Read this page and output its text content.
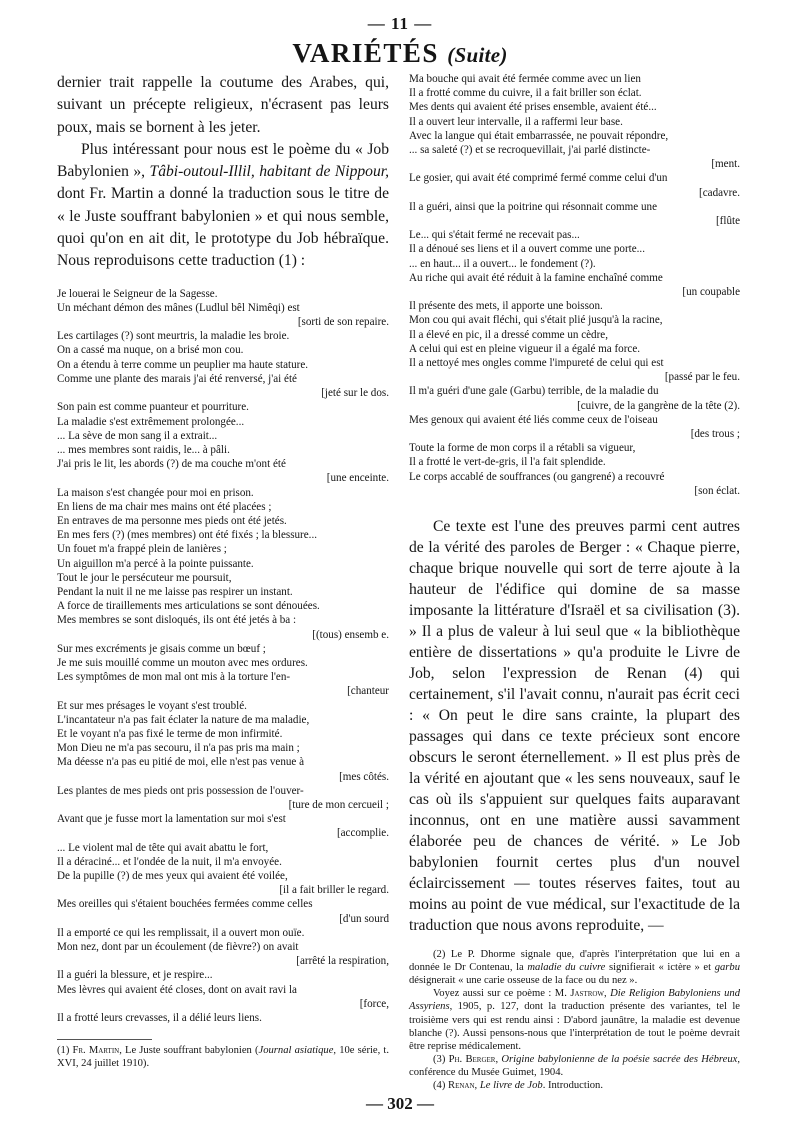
— 11 —
VARIÉTÉS (Suite)

dernier trait rappelle la coutume des Arabes, qui, suivant un précepte religieux, n'écrasent pas leurs poux, mais se bornent à les jeter.

Plus intéressant pour nous est le poème du « Job Babylonien », Tâbi-outoul-Illil, habitant de Nippour, dont Fr. Martin a donné la traduction sous le titre de « le Juste souffrant babylonien » et qui nous semble, quoi qu'on en ait dit, le prototype du Job hébraïque. Nous reproduisons cette traduction (1) :

Je louerai le Seigneur de la Sagesse.
Un méchant démon des mânes (Ludlul bêl Nimêqi) est
[sorti de son repaire.
Les cartilages (?) sont meurtris, la maladie les broie.
On a cassé ma nuque, on a brisé mon cou.
On a étendu à terre comme un peuplier ma haute stature.
Comme une plante des marais j'ai été renversé, j'ai été
[jeté sur le dos.
Son pain est comme puanteur et pourriture.
La maladie s'est extrêmement prolongée...
... La sève de mon sang il a extrait...
... mes membres sont raidis, le... à pâli.
J'ai pris le lit, les abords (?) de ma couche m'ont été
[une enceinte.
La maison s'est changée pour moi en prison.
En liens de ma chair mes mains ont été placées ;
En entraves de ma personne mes pieds ont été jetés.
En mes fers (?) (mes membres) ont été fixés ; la blessure...
Un fouet m'a frappé plein de lanières ;
Un aiguillon m'a percé à la pointe puissante.
Tout le jour le persécuteur me poursuit,
Pendant la nuit il ne me laisse pas respirer un instant.
A force de tiraillements mes articulations se sont dénouées.
Mes membres se sont disloqués, ils ont été jetés à ba :
[(tous) ensemb e.
Sur mes excréments je gisais comme un bœuf ;
Je me suis mouillé comme un mouton avec mes ordures.
Les symptômes de mon mal ont mis à la torture l'en-
[chanteur
Et sur mes présages le voyant s'est troublé.
L'incantateur n'a pas fait éclater la nature de ma maladie,
Et le voyant n'a pas fixé le terme de mon infirmité.
Mon Dieu ne m'a pas secouru, il n'a pas pris ma main ;
Ma déesse n'a pas eu pitié de moi, elle n'est pas venue à
[mes côtés.
Les plantes de mes pieds ont pris possession de l'ouver-
[ture de mon cercueil ;
Avant que je fusse mort la lamentation sur moi s'est
[accomplie.
... Le violent mal de tête qui avait abattu le fort,
Il a déraciné... et l'ondée de la nuit, il m'a envoyée.
De la pupille (?) de mes yeux qui avaient été voilée,
[il a fait briller le regard.
Mes oreilles qui s'étaient bouchées fermées comme celles
[d'un sourd
Il a emporté ce qui les remplissait, il a ouvert mon ouïe.
Mon nez, dont par un écoulement (de fièvre?) on avait
[arrêté la respiration,
Il a guéri la blessure, et je respire...
Mes lèvres qui avaient été closes, dont on avait ravi la
[force,
Il a frotté leurs crevasses, il a délié leurs liens.

(1) Fr. Martin, Le Juste souffrant babylonien (Journal asiatique, 10e série, t. XVI, 24 juillet 1910).

Ma bouche qui avait été fermée comme avec un lien
Il a frotté comme du cuivre, il a fait briller son éclat.
Mes dents qui avaient été prises ensemble, avaient été...
Il a ouvert leur intervalle, il a raffermi leur base.
Avec la langue qui était embarrassée, ne pouvait répondre,
... sa saleté (?) et se recroquevillait, j'ai parlé distincte-
[ment.
Le gosier, qui avait été comprimé fermé comme celui d'un
[cadavre.
Il a guéri, ainsi que la poitrine qui résonnait comme une
[flûte
Le... qui s'était fermé ne recevait pas...
Il a dénoué ses liens et il a ouvert comme une porte...
... en haut... il a ouvert... le fondement (?).
Au riche qui avait été réduit à la famine enchaîné comme
[un coupable
Il présente des mets, il apporte une boisson.
Mon cou qui avait fléchi, qui s'était plié jusqu'à la racine,
Il a élevé en pic, il a dressé comme un cèdre,
A celui qui est en pleine vigueur il a égalé ma force.
Il a nettoyé mes ongles comme l'impureté de celui qui est
[passé par le feu.
Il m'a guéri d'une gale (Garbu) terrible, de la maladie du
[cuivre, de la gangrène de la tête (2).
Mes genoux qui avaient été liés comme ceux de l'oiseau
[des trous ;
Toute la forme de mon corps il a rétabli sa vigueur,
Il a frotté le vert-de-gris, il l'a fait splendide.
Le corps accablé de souffrances (ou gangrené) a recouvré
[son éclat.

Ce texte est l'une des preuves parmi cent autres de la vérité des paroles de Berger : « Chaque pierre, chaque brique nouvelle qui sort de terre ajoute à la hauteur de l'édifice qui domine de sa masse imposante la littérature d'Israël et sa civilisation (3). » Il a plus de valeur à lui seul que « la bibliothèque entière de dissertations » qu'a produite le Livre de Job, selon l'expression de Renan (4) qui certainement, s'il l'avait connu, n'aurait pas écrit ceci : « On peut le dire sans crainte, la plupart des passages qui dans ce texte précieux sont encore obscurs le seront éternellement. » Il est plus près de la vérité en ajoutant que « les sens nouveaux, sauf le cas où ils s'appuient sur quelques faits auparavant inconnus, ont en une matière aussi savamment élaborée peu de chances de vérité. » Le Job babylonien fournit certes plus d'un nouvel éclaircissement — toutes réserves faites, tout au moins au point de vue médical, sur l'exactitude de la traduction que nous avons reproduite, —

(2) Le P. Dhorme signale que, d'après l'interprétation que lui en a donnée le Dr Contenau, la maladie du cuivre signifierait « ictère » et garbu désignerait « une carie osseuse de la face ou du nez ».

Voyez aussi sur ce poème : M. Jastrow, Die Religion Babyloniens und Assyriens, 1905, p. 127, dont la traduction présente des variantes, tel le troisième vers qui est rendu ainsi : D'abord jaunâtre, la maladie est devenue blanche (?). Aussi pensons-nous que l'interprétation de tout le poème devrait être reprise médicalement.

(3) Ph. Berger, Origine babylonienne de la poésie sacrée des Hébreux, conférence du Musée Guimet, 1904.

(4) Renan, Le livre de Job. Introduction.

— 302 —
